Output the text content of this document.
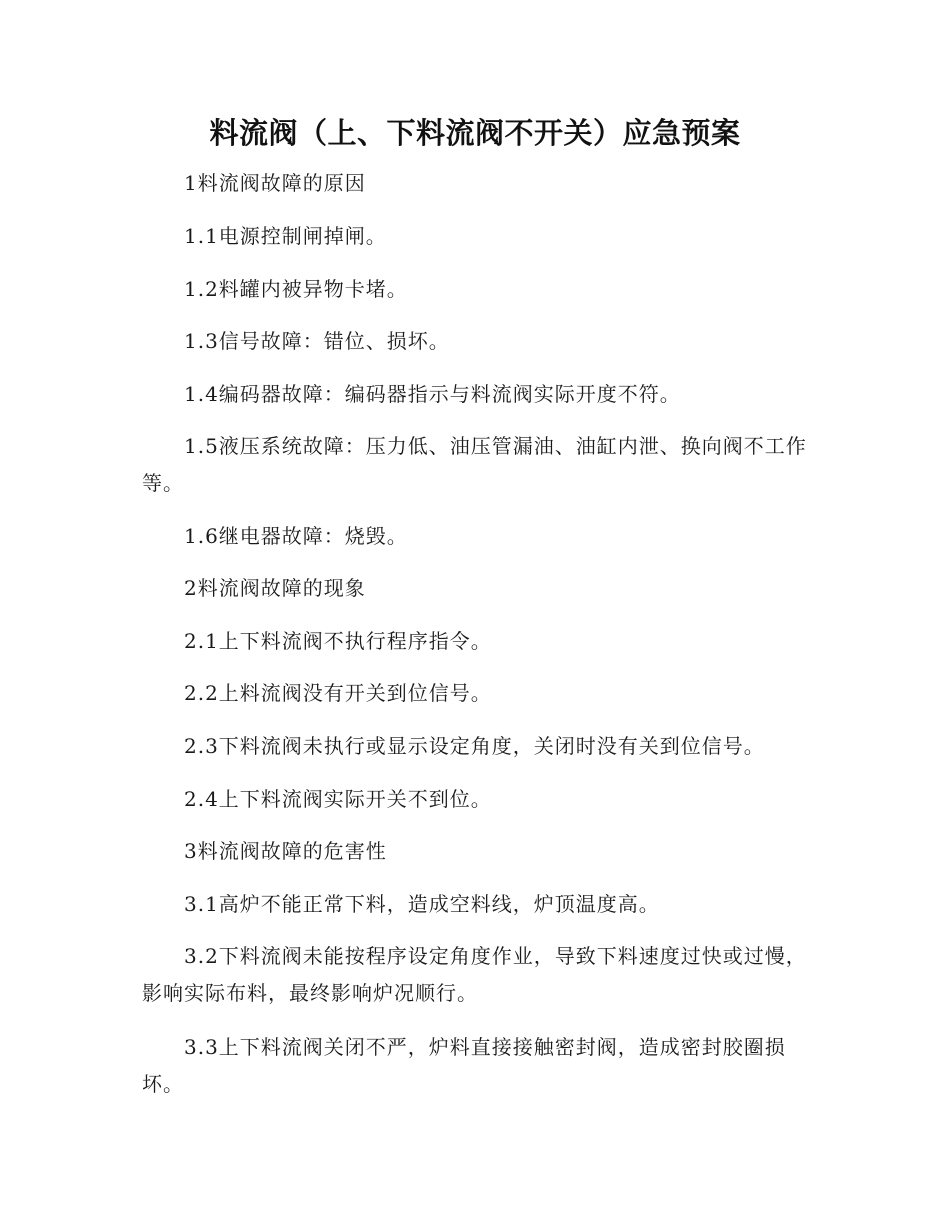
料流阀（上、下料流阀不开关）应急预案

1料流阀故障的原因

1.1电源控制闸掉闸。

1.2料罐内被异物卡堵。

1.3信号故障：错位、损坏。

1.4编码器故障：编码器指示与料流阀实际开度不符。

1.5液压系统故障：压力低、油压管漏油、油缸内泄、换向阀不工作等。

1.6继电器故障：烧毁。

2料流阀故障的现象

2.1上下料流阀不执行程序指令。

2.2上料流阀没有开关到位信号。

2.3下料流阀未执行或显示设定角度，关闭时没有关到位信号。

2.4上下料流阀实际开关不到位。

3料流阀故障的危害性

3.1高炉不能正常下料，造成空料线，炉顶温度高。

3.2下料流阀未能按程序设定角度作业，导致下料速度过快或过慢，影响实际布料，最终影响炉况顺行。

3.3上下料流阀关闭不严，炉料直接接触密封阀，造成密封胶圈损坏。
